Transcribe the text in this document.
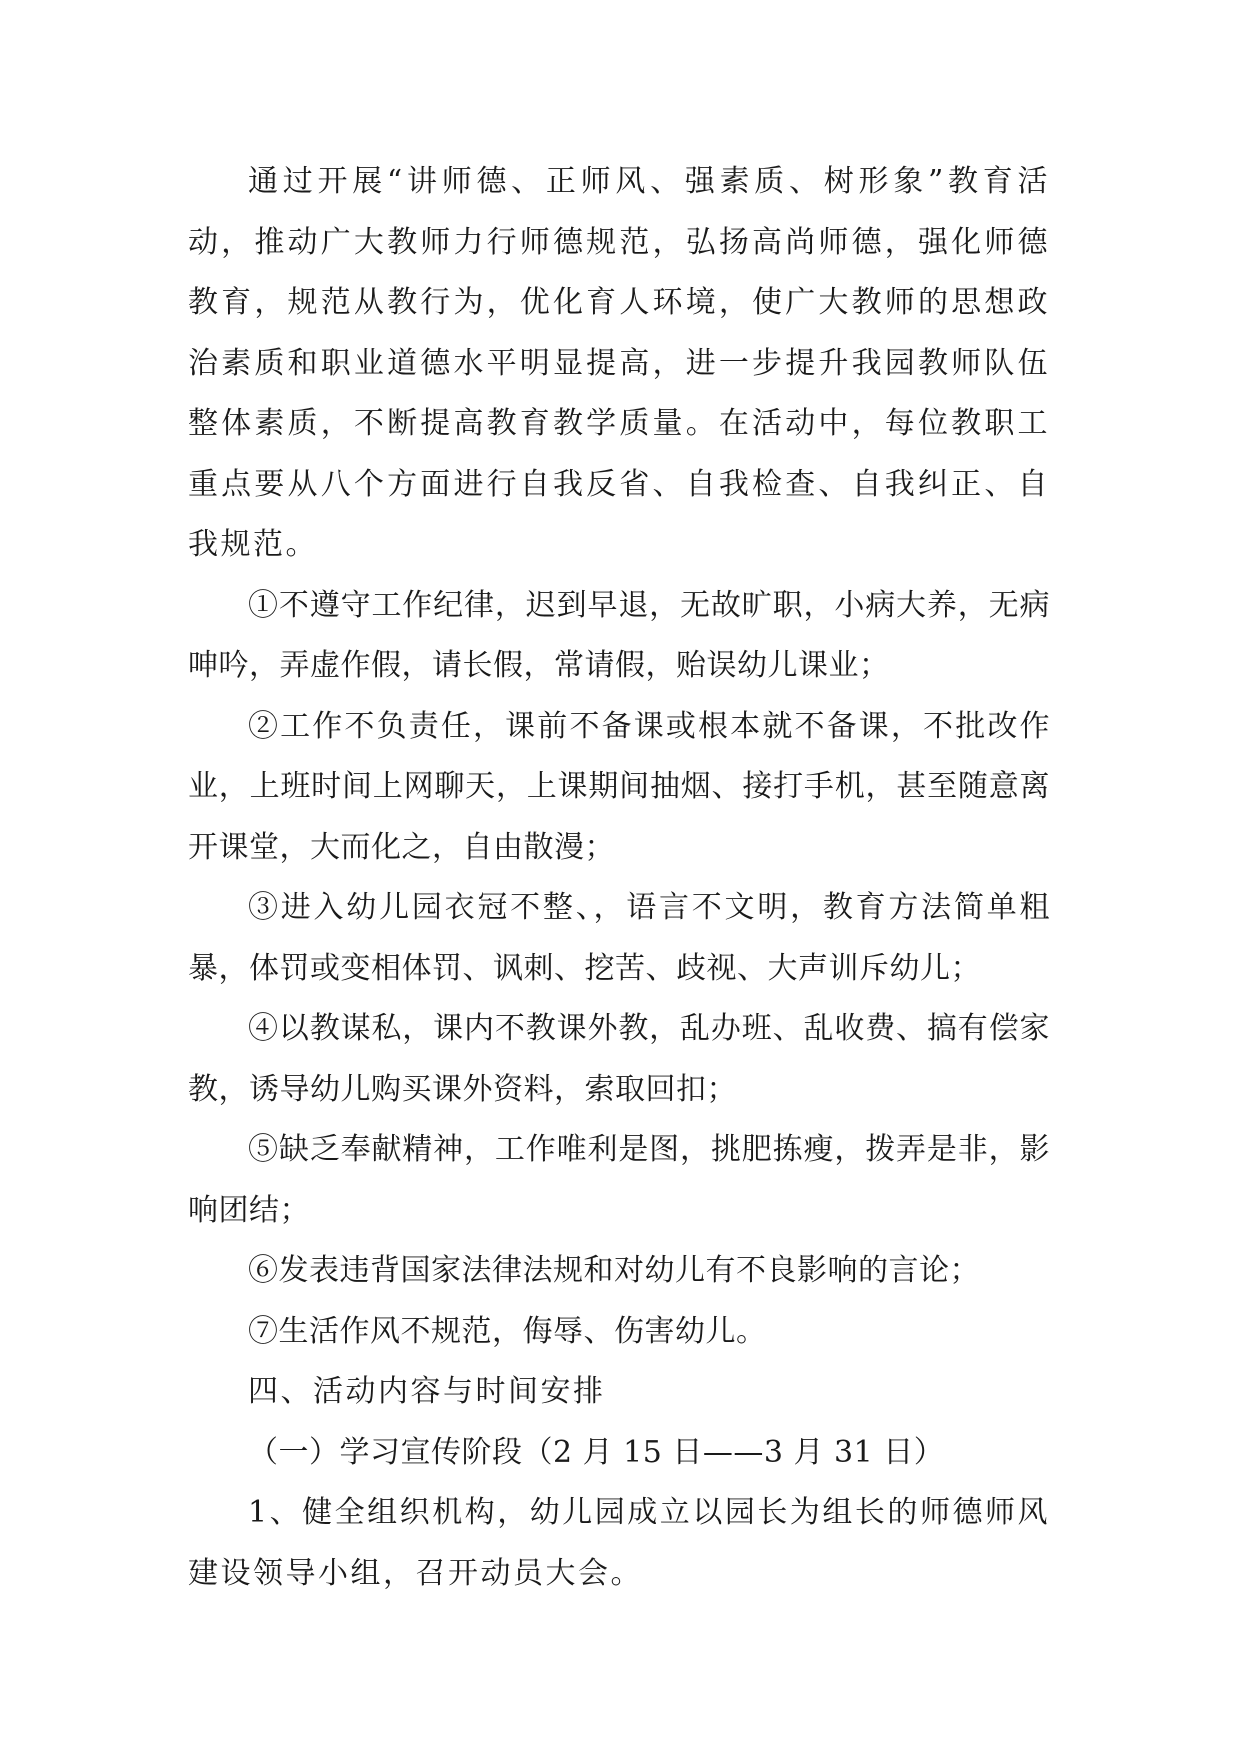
通过开展“讲师德、正师风、强素质、树形象”教育活动，推动广大教师力行师德规范，弘扬高尚师德，强化师德教育，规范从教行为，优化育人环境，使广大教师的思想政治素质和职业道德水平明显提高，进一步提升我园教师队伍整体素质，不断提高教育教学质量。在活动中，每位教职工重点要从八个方面进行自我反省、自我检查、自我纠正、自我规范。

①不遵守工作纪律，迟到早退，无故旷职，小病大养，无病呻吟，弄虚作假，请长假，常请假，贻误幼儿课业；

②工作不负责任，课前不备课或根本就不备课，不批改作业，上班时间上网聊天，上课期间抽烟、接打手机，甚至随意离开课堂，大而化之，自由散漫；

③进入幼儿园衣冠不整、，语言不文明，教育方法简单粗暴，体罚或变相体罚、讽刺、挖苦、歧视、大声训斥幼儿；

④以教谋私，课内不教课外教，乱办班、乱收费、搞有偿家教，诱导幼儿购买课外资料，索取回扣；

⑤缺乏奉献精神，工作唯利是图，挑肥拣瘦，拨弄是非，影响团结；

⑥发表违背国家法律法规和对幼儿有不良影响的言论；

⑦生活作风不规范，侮辱、伤害幼儿。

四、活动内容与时间安排

（一）学习宣传阶段（2 月 15 日——3 月 31 日）

1、健全组织机构，幼儿园成立以园长为组长的师德师风建设领导小组，召开动员大会。
